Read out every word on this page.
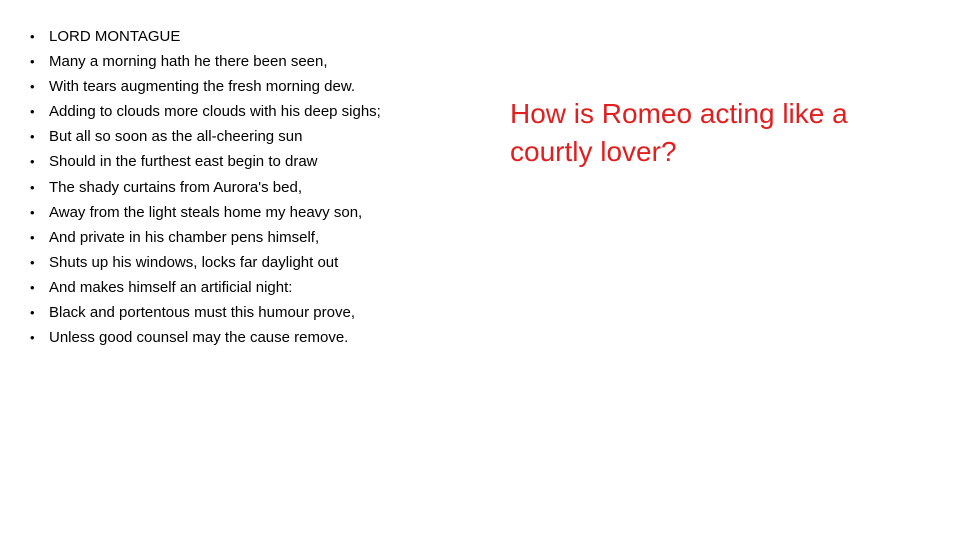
• LORD MONTAGUE
• Many a morning hath he there been seen,
• With tears augmenting the fresh morning dew.
• Adding to clouds more clouds with his deep sighs;
• But all so soon as the all-cheering sun
• Should in the furthest east begin to draw
• The shady curtains from Aurora's bed,
• Away from the light steals home my heavy son,
• And private in his chamber pens himself,
• Shuts up his windows, locks far daylight out
• And makes himself an artificial night:
• Black and portentous must this humour prove,
• Unless good counsel may the cause remove.
How is Romeo acting like a courtly lover?
